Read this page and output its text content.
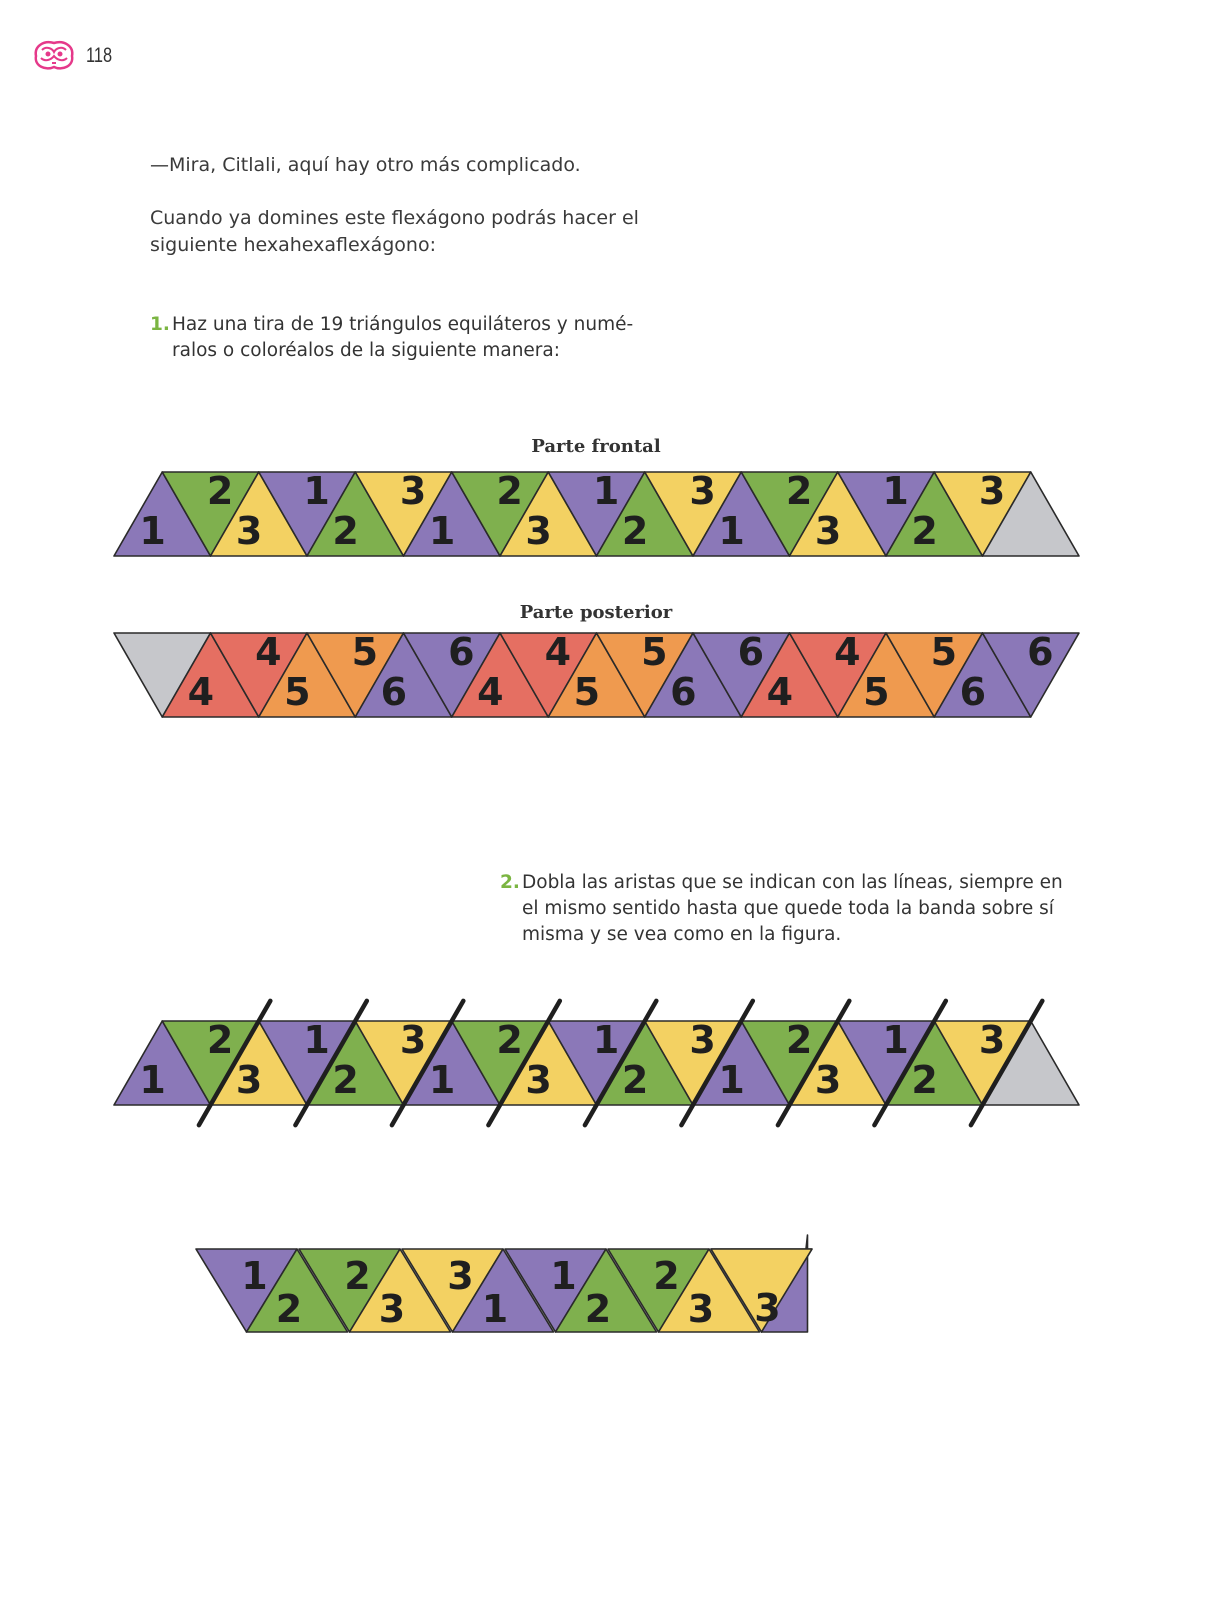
118

—Mira, Citlali, aquí hay otro más complicado.

Cuando ya domines este flexágono podrás hacer el

siguiente hexahexaflexágono:

1. Haz una tira de 19 triángulos equiláteros y numé-
ralos o coloréalos de la siguiente manera:
Parte frontal
Parte posterior
1
2
3
1
2
3
1
2
3
1
2
3
1
2
3
1
2
3
4
4
5
5
6
6
4
4
5
5
6
6
4
4
5
5
6
6
1
2
3
1
2
3
1
2
3
1
2
3
1
2
3
1
2
3
1
2
2
3
3
1
1
2
2
3 3
2. Dobla las aristas que se indican con las líneas, siempre en
el mismo sentido hasta que quede toda la banda sobre sí
misma y se vea como en la figura.
